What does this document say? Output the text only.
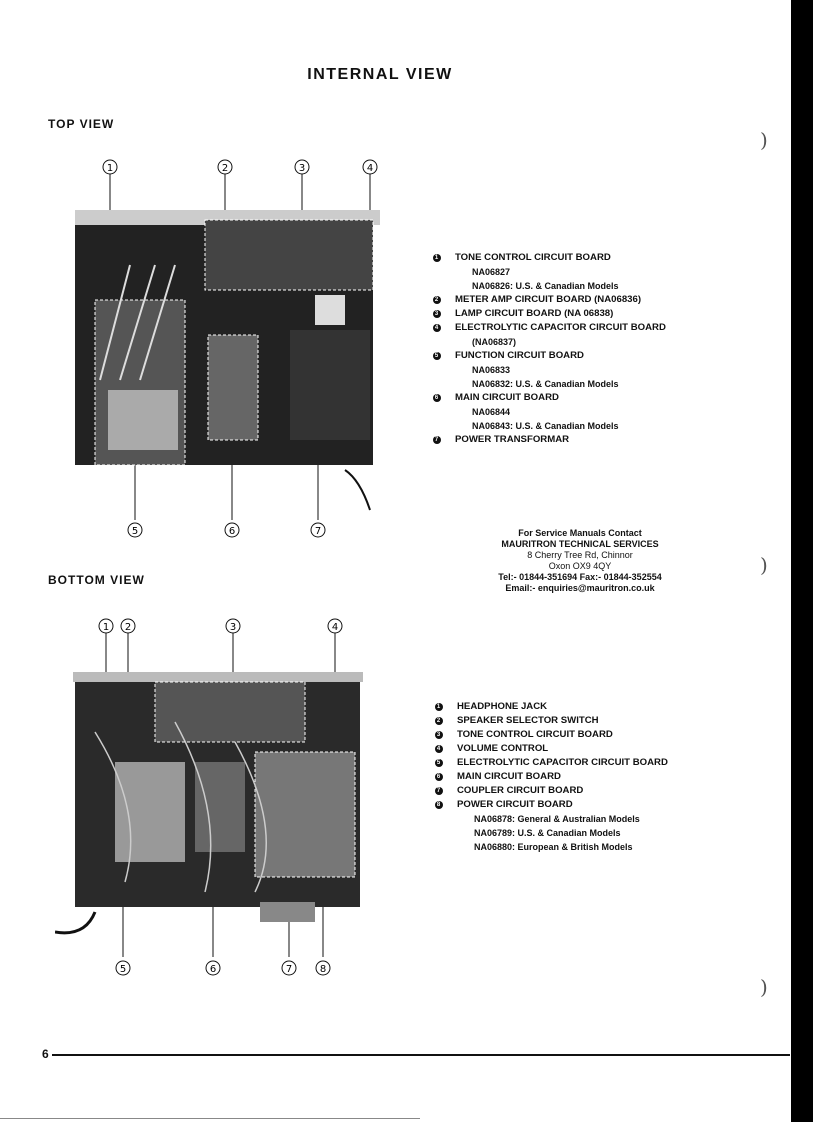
INTERNAL VIEW
TOP VIEW
1	2	3	4
5	6	7
1 TONE CONTROL CIRCUIT BOARD
NA06827
NA06826: U.S. & Canadian Models
2 METER AMP CIRCUIT BOARD (NA06836)
3 LAMP CIRCUIT BOARD (NA 06838)
4 ELECTROLYTIC CAPACITOR CIRCUIT BOARD
(NA06837)
5 FUNCTION CIRCUIT BOARD
NA06833
NA06832: U.S. & Canadian Models
6 MAIN CIRCUIT BOARD
NA06844
NA06843: U.S. & Canadian Models
7 POWER TRANSFORMAR
For Service Manuals Contact
MAURITRON TECHNICAL SERVICES
8 Cherry Tree Rd, Chinnor
Oxon OX9 4QY
Tel:- 01844-351694 Fax:- 01844-352554
Email:- enquiries@mauritron.co.uk
BOTTOM VIEW
1 2	3	4
5	6	7	8
1 HEADPHONE JACK
2 SPEAKER SELECTOR SWITCH
3 TONE CONTROL CIRCUIT BOARD
4 VOLUME CONTROL
5 ELECTROLYTIC CAPACITOR CIRCUIT BOARD
6 MAIN CIRCUIT BOARD
7 COUPLER CIRCUIT BOARD
8 POWER CIRCUIT BOARD
NA06878: General & Australian Models
NA06789: U.S. & Canadian Models
NA06880: European & British Models
6
)
)
)
